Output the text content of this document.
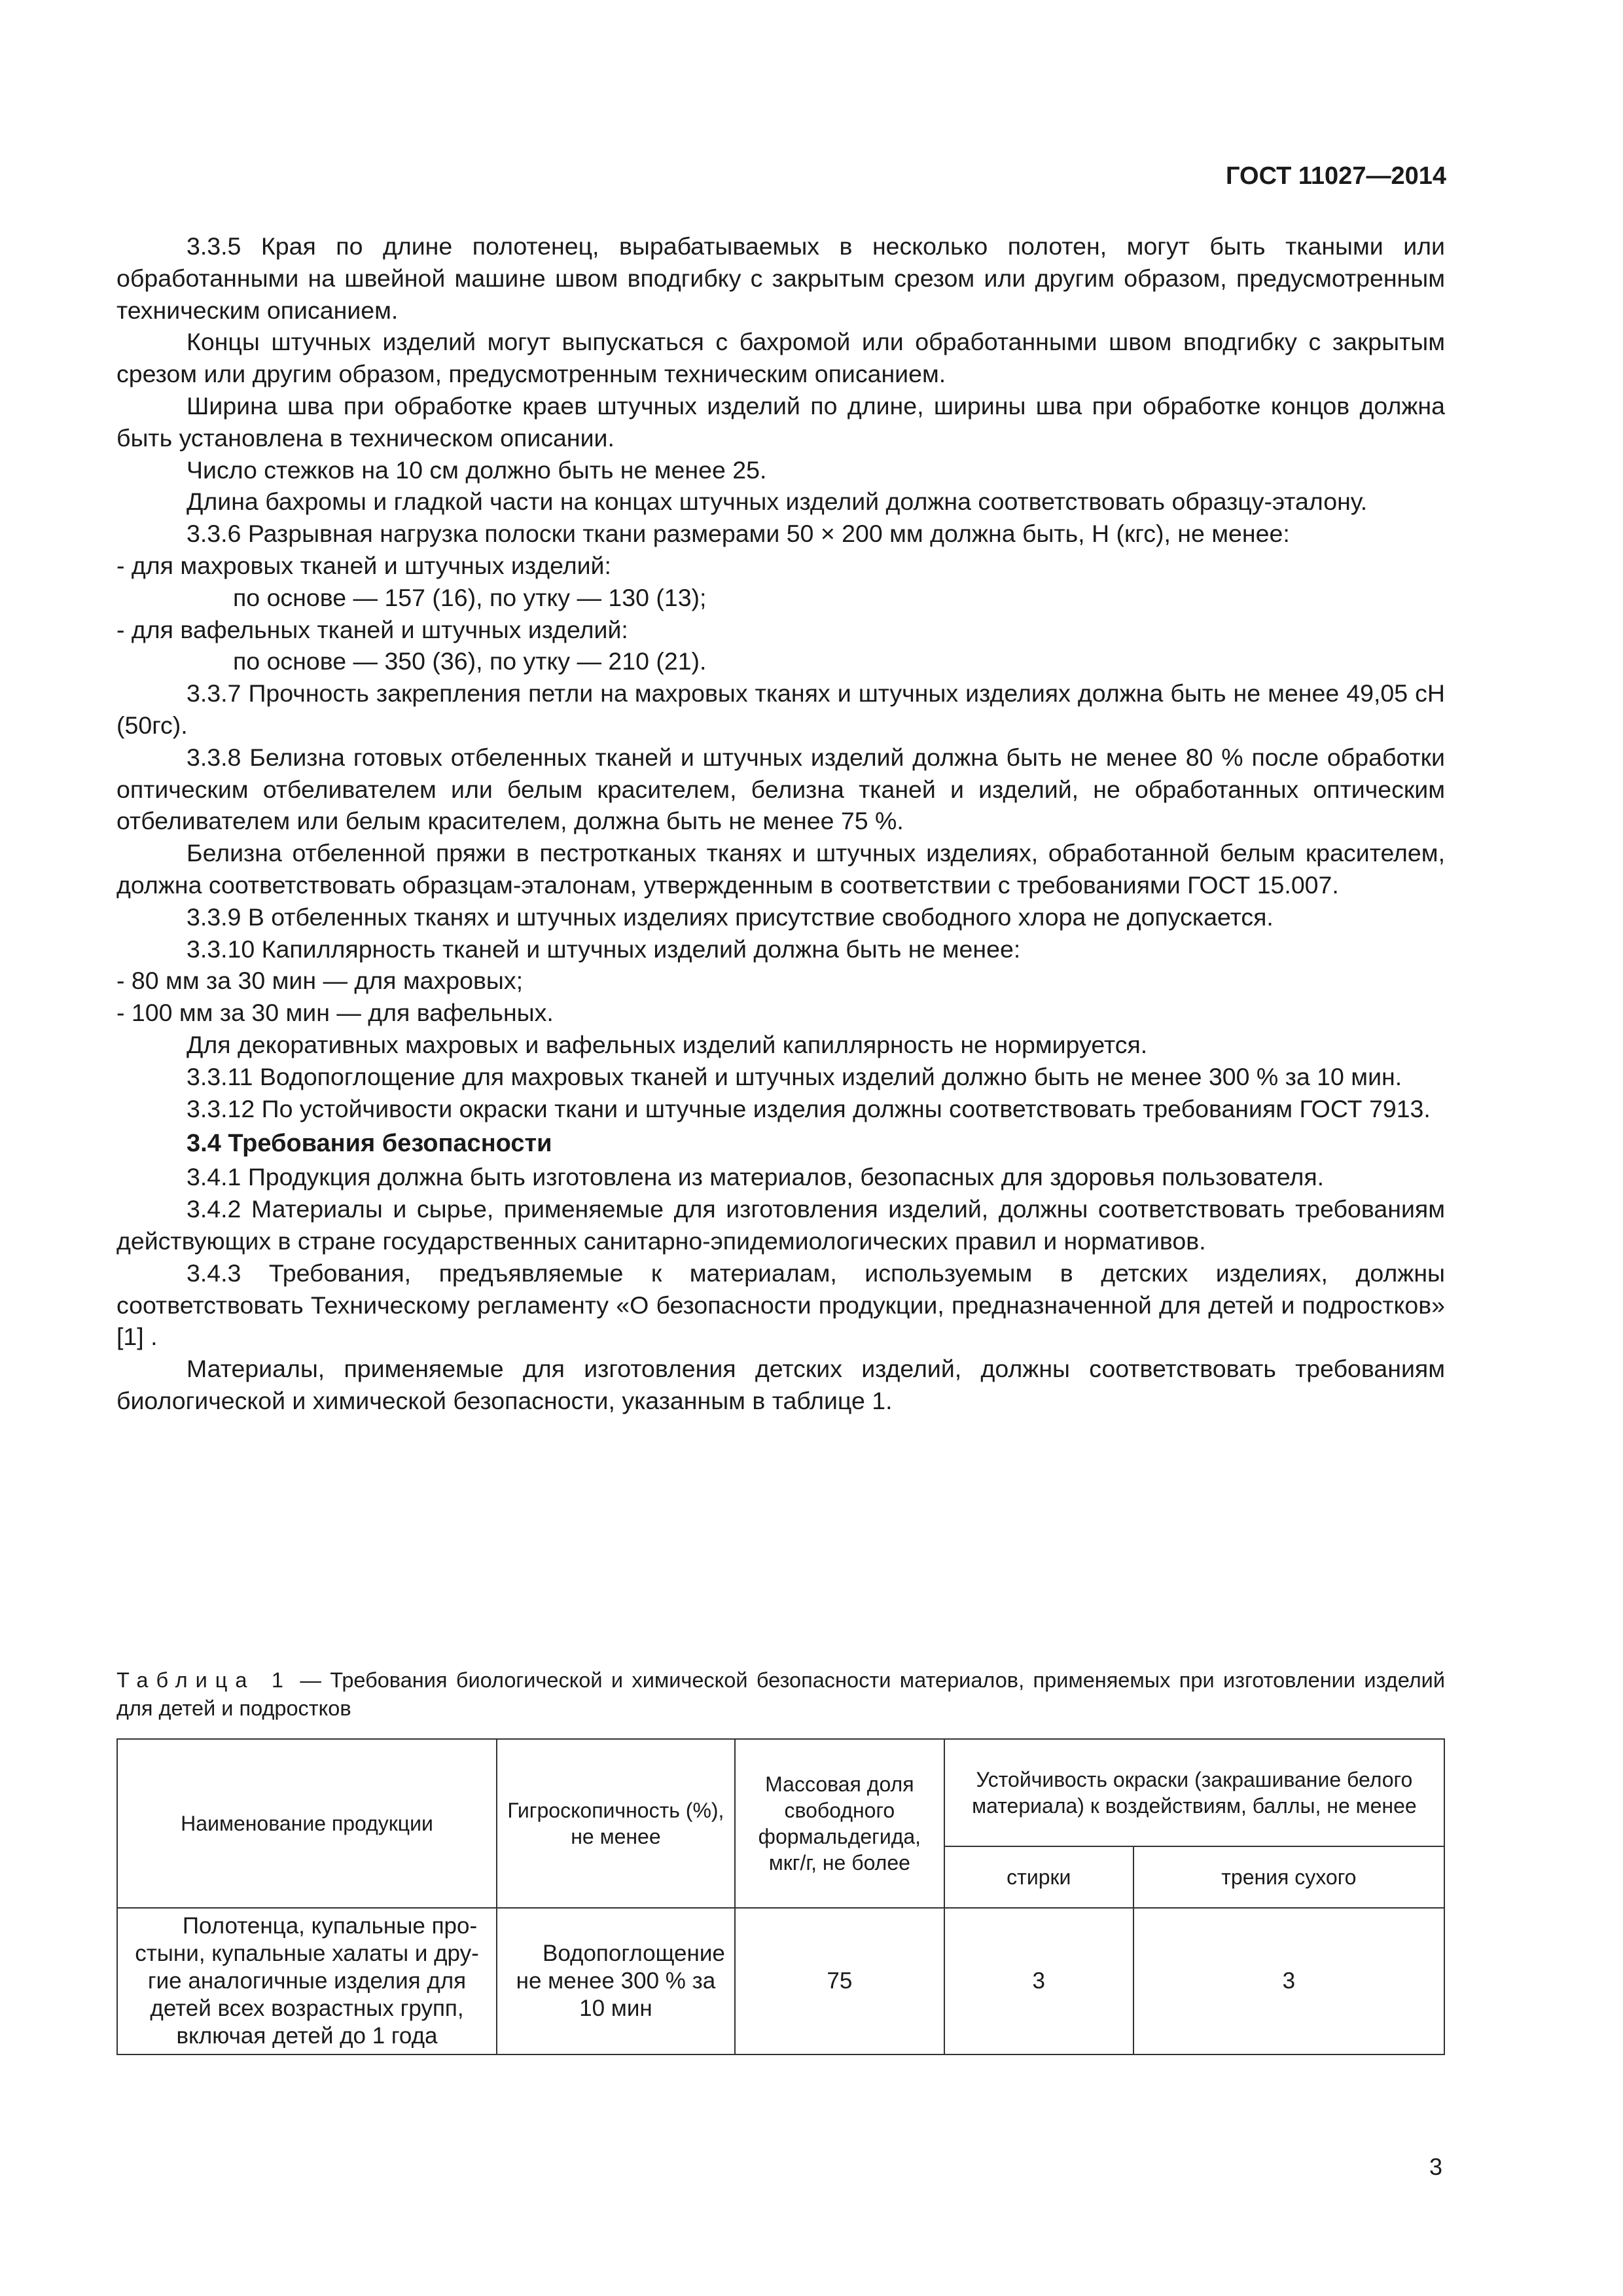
ГОСТ 11027—2014

3.3.5 Края по длине полотенец, вырабатываемых в несколько полотен, могут быть ткаными или обработанными на швейной машине швом вподгибку с закрытым срезом или другим образом, предусмотренным техническим описанием.

Концы штучных изделий могут выпускаться с бахромой или обработанными швом вподгибку с закрытым срезом или другим образом, предусмотренным техническим описанием.

Ширина шва при обработке краев штучных изделий по длине, ширины шва при обработке концов должна быть установлена в техническом описании.

Число стежков на 10 см должно быть не менее 25.

Длина бахромы и гладкой части на концах штучных изделий должна соответствовать образцу-эталону.

3.3.6 Разрывная нагрузка полоски ткани размерами 50 × 200 мм должна быть, Н (кгс), не менее:

- для махровых тканей и штучных изделий:

по основе — 157 (16), по утку — 130 (13);

- для вафельных тканей и штучных изделий:

по основе — 350 (36), по утку — 210 (21).

3.3.7 Прочность закрепления петли на махровых тканях и штучных изделиях должна быть не менее 49,05 сН (50гс).

3.3.8 Белизна готовых отбеленных тканей и штучных изделий должна быть не менее 80 % после обработки оптическим отбеливателем или белым красителем, белизна тканей и изделий, не обработанных оптическим отбеливателем или белым красителем, должна быть не менее 75 %.

Белизна отбеленной пряжи в пестротканых тканях и штучных изделиях, обработанной белым красителем, должна соответствовать образцам-эталонам, утвержденным в соответствии с требованиями ГОСТ 15.007.

3.3.9 В отбеленных тканях и штучных изделиях присутствие свободного хлора не допускается.

3.3.10 Капиллярность тканей и штучных изделий должна быть не менее:

- 80 мм за 30 мин — для махровых;

- 100 мм за 30 мин — для вафельных.

Для декоративных махровых и вафельных изделий капиллярность не нормируется.

3.3.11 Водопоглощение для махровых тканей и штучных изделий должно быть не менее 300 % за 10 мин.

3.3.12 По устойчивости окраски ткани и штучные изделия должны соответствовать требованиям ГОСТ 7913.

3.4 Требования безопасности

3.4.1 Продукция должна быть изготовлена из материалов, безопасных для здоровья пользователя.

3.4.2 Материалы и сырье, применяемые для изготовления изделий, должны соответствовать требованиям действующих в стране государственных санитарно-эпидемиологических правил и нормативов.

3.4.3 Требования, предъявляемые к материалам, используемым в детских изделиях, должны соответствовать Техническому регламенту «О безопасности продукции, предназначенной для детей и подростков» [1] .

Материалы, применяемые для изготовления детских изделий, должны соответствовать требованиям биологической и химической безопасности, указанным в таблице 1.

Таблица 1 — Требования биологической и химической безопасности материалов, применяемых при изготовлении изделий для детей и подростков
Наименование продукции	Гигроскопичность (%), не менее	Массовая доля свободного формальдегида, мкг/г, не более	Устойчивость окраски (закрашивание белого материала) к воздействиям, баллы, не менее	
			стирки	трения сухого
Полотенца, купальные простыни, купальные халаты и другие аналогичные изделия для детей всех возрастных групп, включая детей до 1 года	Водопоглощение не менее 300 % за 10 мин	75	3	3
3
